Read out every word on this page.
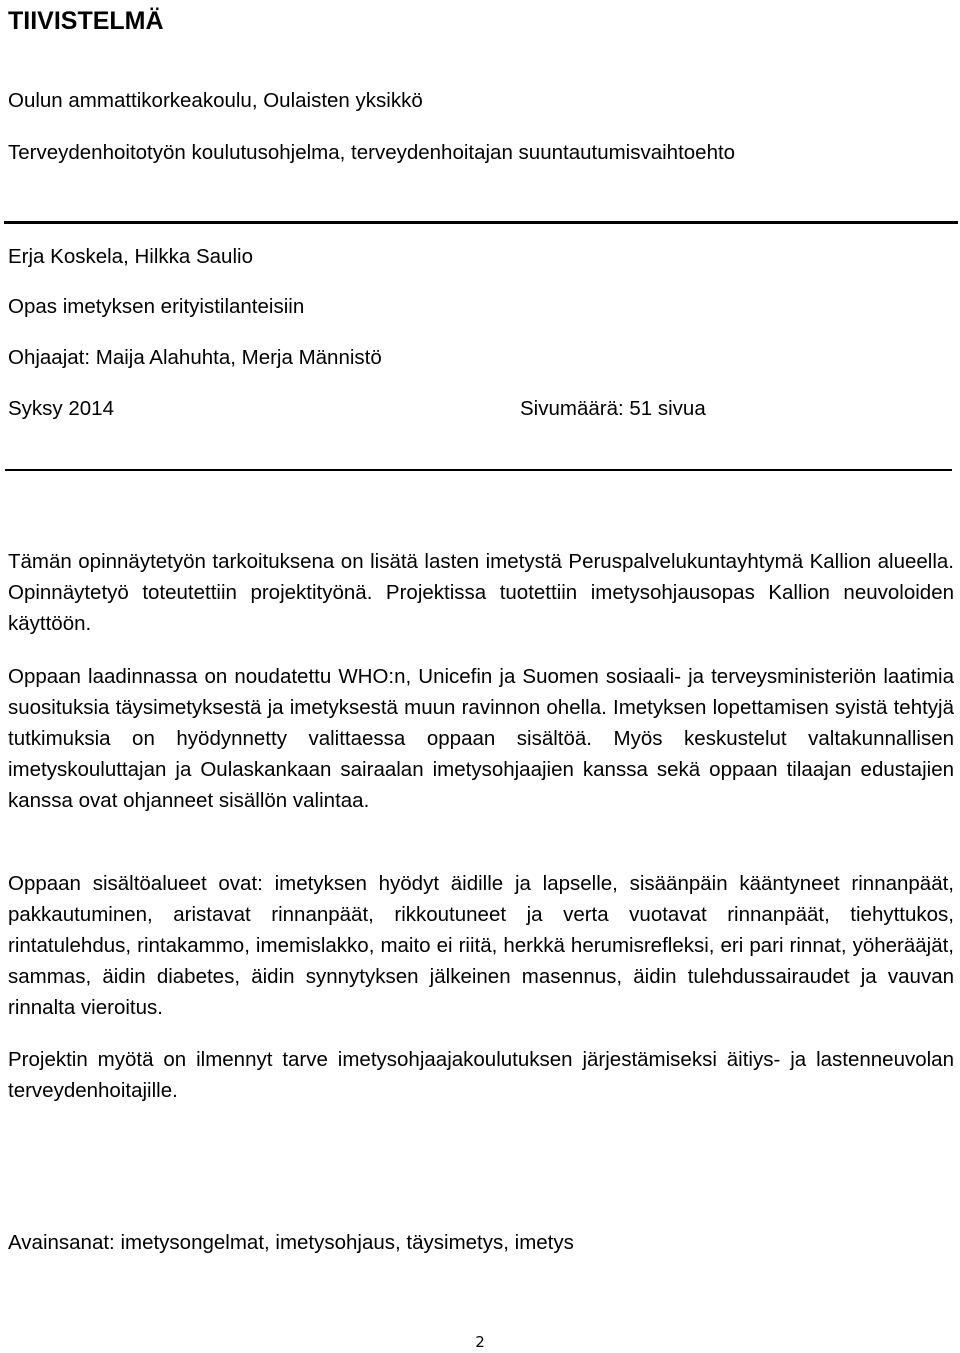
TIIVISTELMÄ

Oulun ammattikorkeakoulu, Oulaisten yksikkö

Terveydenhoitotyön koulutusohjelma, terveydenhoitajan suuntautumisvaihtoehto

Erja Koskela, Hilkka Saulio

Opas imetyksen erityistilanteisiin

Ohjaajat: Maija Alahuhta, Merja Männistö

Syksy 2014	Sivumäärä: 51 sivua

Tämän opinnäytetyön tarkoituksena on lisätä lasten imetystä Peruspalvelukuntayhtymä Kallion alueella. Opinnäytetyö toteutettiin projektityönä. Projektissa tuotettiin imetysohjausopas Kallion neuvoloiden käyttöön.

Oppaan laadinnassa on noudatettu WHO:n, Unicefin ja Suomen sosiaali- ja terveysministeriön laatimia suosituksia täysimetyksestä ja imetyksestä muun ravinnon ohella. Imetyksen lopettamisen syistä tehtyjä tutkimuksia on hyödynnetty valittaessa oppaan sisältöä. Myös keskustelut valtakunnallisen imetyskouluttajan ja Oulaskankaan sairaalan imetysohjaajien kanssa sekä oppaan tilaajan edustajien kanssa ovat ohjanneet sisällön valintaa.

Oppaan sisältöalueet ovat: imetyksen hyödyt äidille ja lapselle, sisäänpäin kääntyneet rinnanpäät, pakkautuminen, aristavat rinnanpäät, rikkoutuneet ja verta vuotavat rinnanpäät, tiehyttukos, rintatulehdus, rintakammo, imemislakko, maito ei riitä, herkkä herumisrefleksi, eri pari rinnat, yöherääjät, sammas, äidin diabetes, äidin synnytyksen jälkeinen masennus, äidin tulehdussairaudet ja vauvan rinnalta vieroitus.

Projektin myötä on ilmennyt tarve imetysohjaajakoulutuksen järjestämiseksi äitiys- ja lastenneuvolan terveydenhoitajille.

Avainsanat: imetysongelmat, imetysohjaus, täysimetys, imetys

2
